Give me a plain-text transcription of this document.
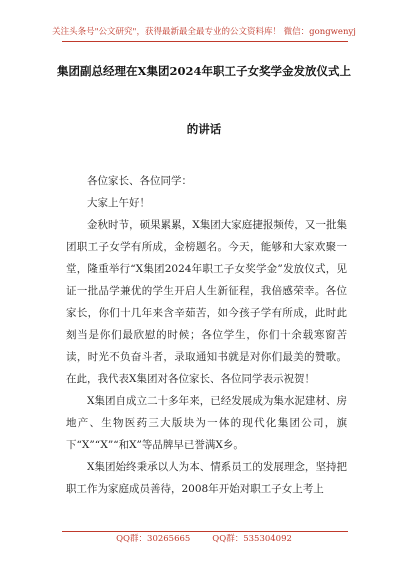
关注头条号"公文研究"，获得最新最全最专业的公文资料库！ 微信：gongwenyj
集团副总经理在X集团2024年职工子女奖学金发放仪式上
的讲话

各位家长、各位同学：

大家上午好！

金秋时节，硕果累累，X集团大家庭捷报频传，又一批集团职工子女学有所成，金榜题名。今天，能够和大家欢聚一堂，隆重举行“X集团2024年职工子女奖学金”发放仪式，见证一批品学兼优的学生开启人生新征程，我倍感荣幸。各位家长，你们十几年来含辛茹苦，如今孩子学有所成，此时此刻当是你们最欣慰的时候；各位学生，你们十余载寒窗苦读，时光不负奋斗者，录取通知书就是对你们最美的赞歌。在此，我代表X集团对各位家长、各位同学表示祝贺！

X集团自成立二十多年来，已经发展成为集水泥建材、房地产、生物医药三大版块为一体的现代化集团公司，旗下“X”“X”“和X”等品牌早已誉满X乡。

X集团始终秉承以人为本、情系员工的发展理念，坚持把职工作为家庭成员善待，2008年开始对职工子女上考上

QQ群：30265665	QQ群：535304092
